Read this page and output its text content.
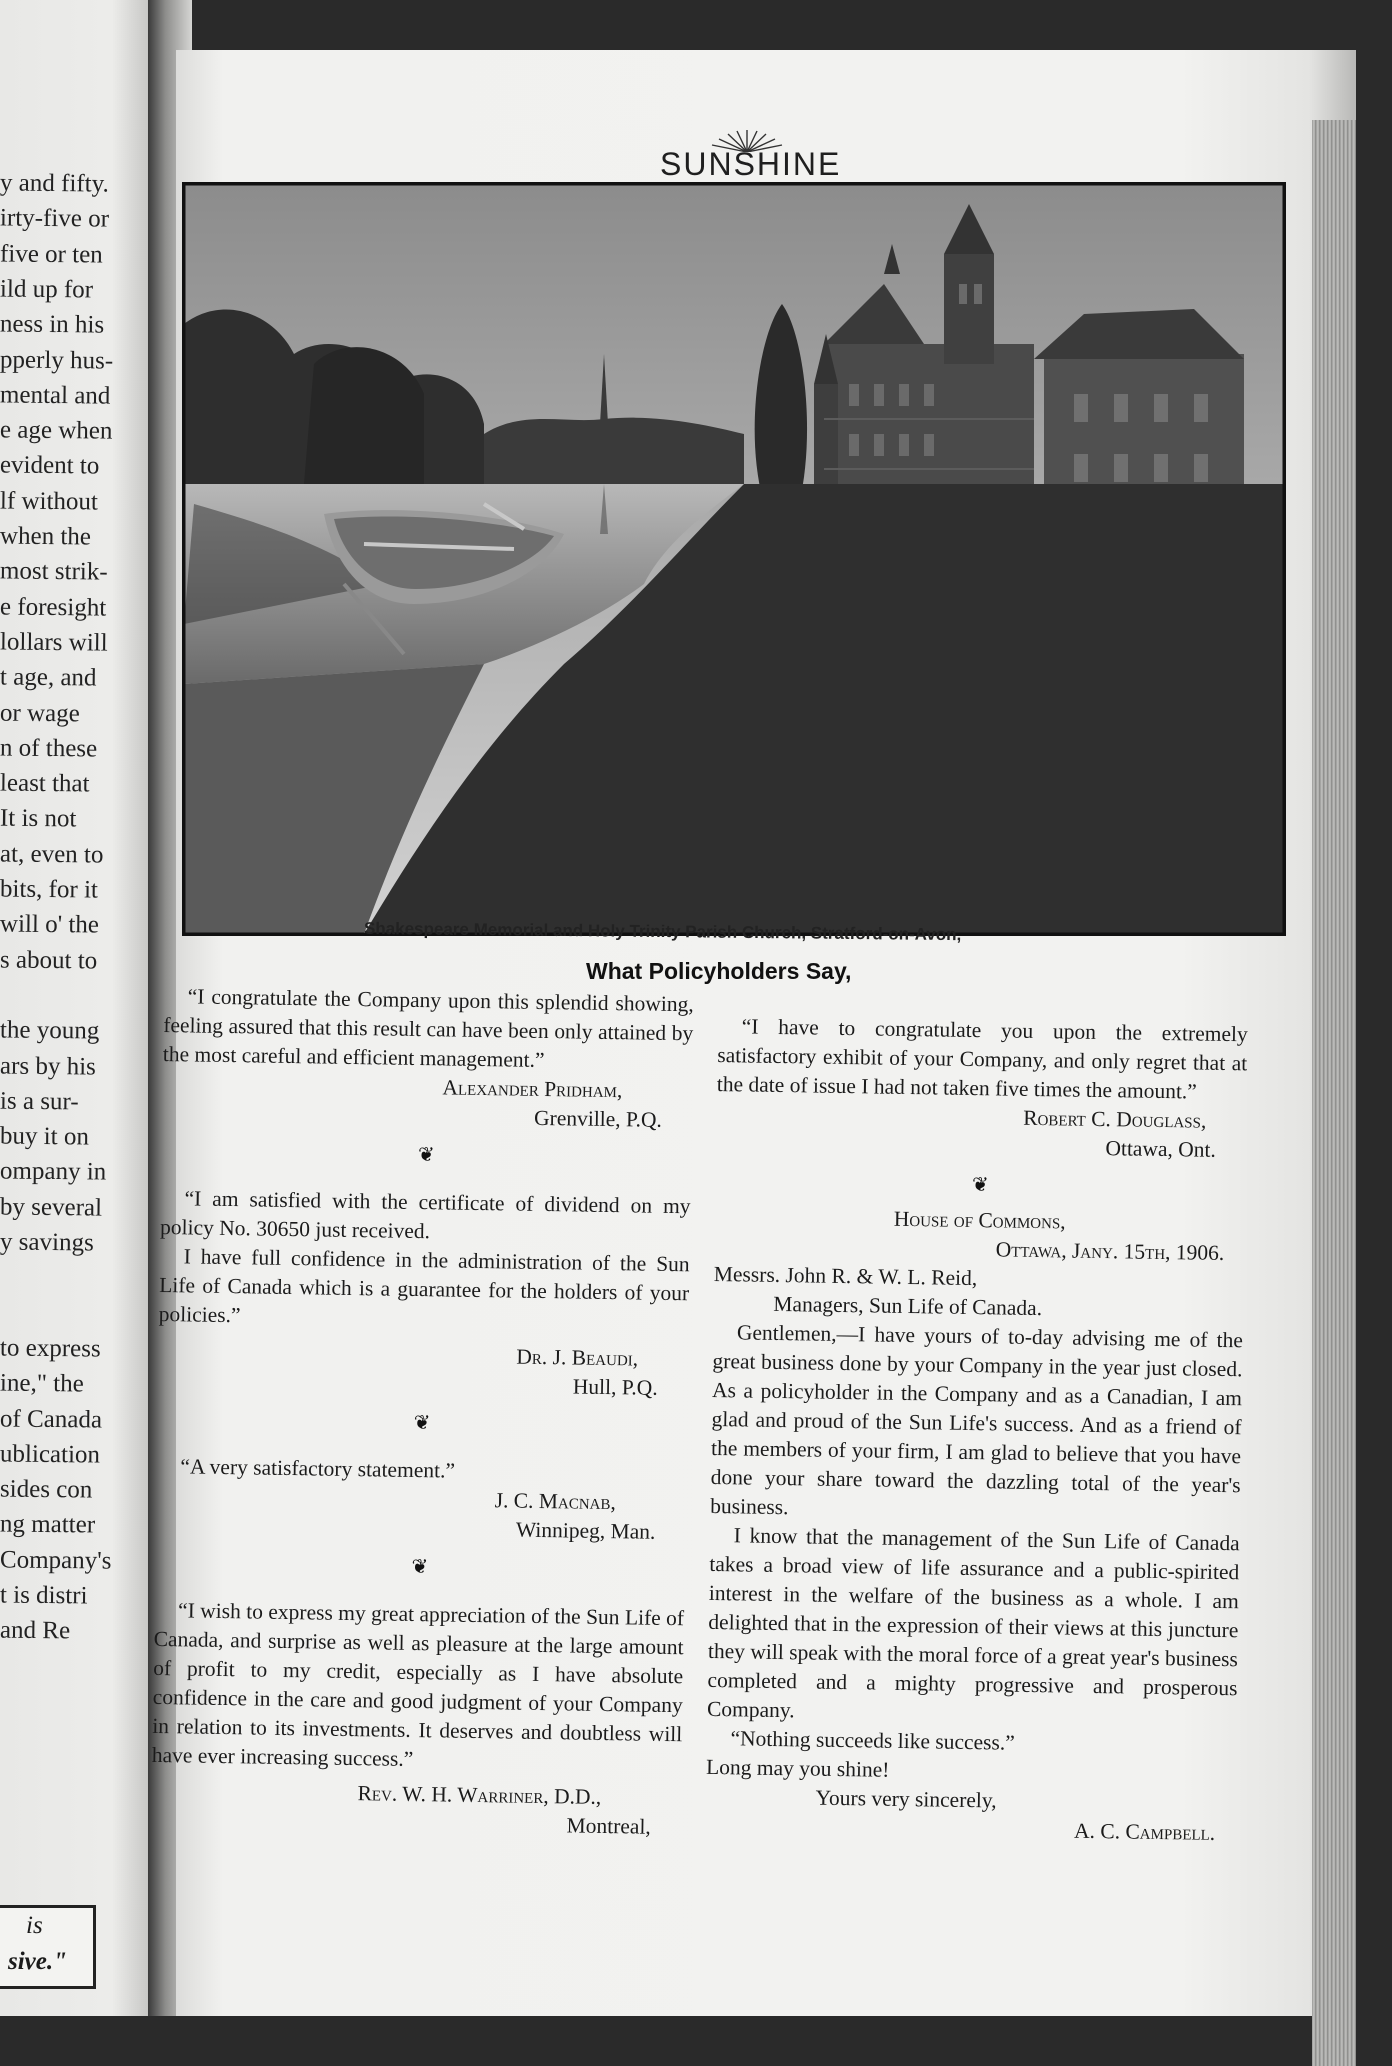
y and fifty.
irty-five or
five or ten
ild up for
ness in his
pperly hus-
mental and
e age when
evident to
lf without
when the
most strik-
e foresight
lollars will
t age, and
or wage
n of these
least that
It is not
at, even to
bits, for it
will o' the
s about to
the young
ars by his
is a sur-
buy it on
ompany in
by several
y savings
to express
ine," the
of Canada
ublication
sides con
ng matter
Company's
t is distri
and Re
is
sive."
SUNSHINE
Shakespeare Memorial and Holy Trinity Parish Church, Stratford-on-Avon,
What Policyholders Say,

“I congratulate the Company upon this splendid showing, feeling assured that this result can have been only attained by the most careful and efficient management.”

Alexander Pridham,
Grenville, P.Q.
❦

“I am satisfied with the certificate of dividend on my policy No. 30650 just received.

I have full confidence in the administration of the Sun Life of Canada which is a guarantee for the holders of your policies.”

Dr. J. Beaudi,
Hull, P.Q.
❦

“A very satisfactory statement.”

J. C. Macnab,
Winnipeg, Man.
❦

“I wish to express my great appreciation of the Sun Life of Canada, and surprise as well as pleasure at the large amount of profit to my credit, especially as I have absolute confidence in the care and good judgment of your Company in relation to its investments. It deserves and doubtless will have ever increasing success.”

Rev. W. H. Warriner, D.D.,
Montreal,

“I have to congratulate you upon the extremely satisfactory exhibit of your Company, and only regret that at the date of issue I had not taken five times the amount.”

Robert C. Douglass,
Ottawa, Ont.
❦
House of Commons,
Ottawa, Jany. 15th, 1906.

Messrs. John R. & W. L. Reid,

Managers, Sun Life of Canada.

Gentlemen,—I have yours of to-day advising me of the great business done by your Company in the year just closed. As a policyholder in the Company and as a Canadian, I am glad and proud of the Sun Life's success. And as a friend of the members of your firm, I am glad to believe that you have done your share toward the dazzling total of the year's business.

I know that the management of the Sun Life of Canada takes a broad view of life assurance and a public-spirited interest in the welfare of the business as a whole. I am delighted that in the expression of their views at this juncture they will speak with the moral force of a great year's business completed and a mighty progressive and prosperous Company.

“Nothing succeeds like success.”

Long may you shine!

Yours very sincerely,

A. C. Campbell.
